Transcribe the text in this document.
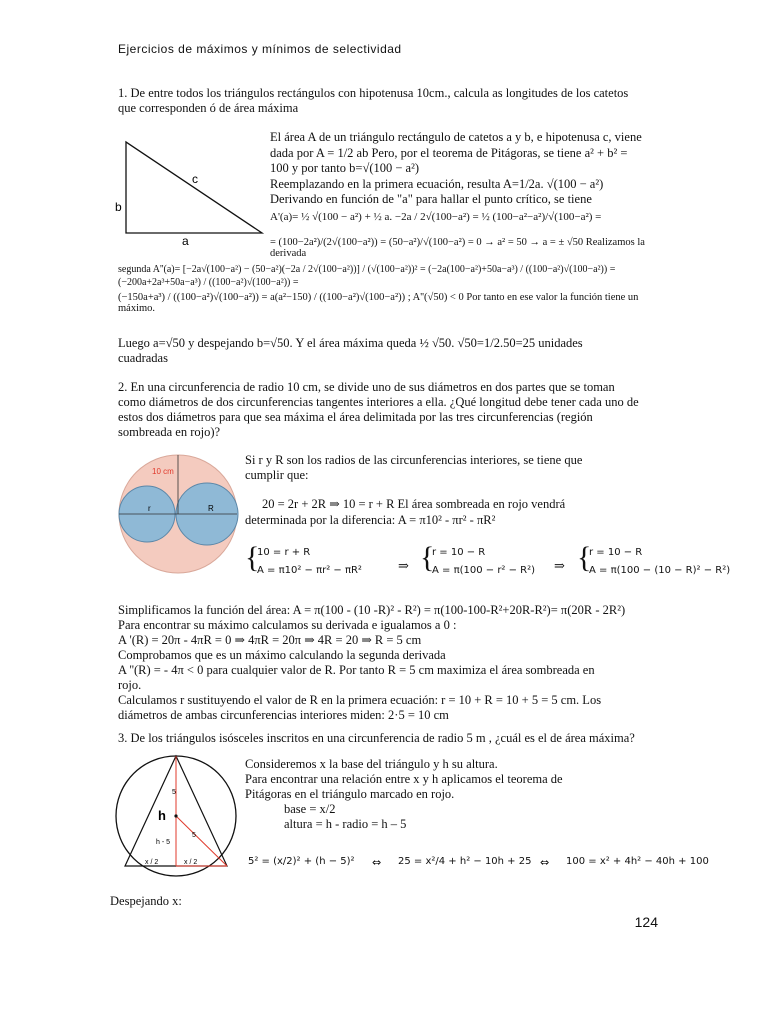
Ejercicios de máximos y mínimos de selectividad
1. De entre todos los triángulos rectángulos con hipotenusa 10cm., calcula as longitudes de los catetos
que corresponden ó de área máxima
c
b
a
El área A de un triángulo rectángulo de catetos a y b, e hipotenusa c, viene
dada por A = 1/2 ab Pero, por el teorema de Pitágoras, se tiene a² + b² =
100 y por tanto b=√(100 − a²)
Reemplazando en la primera ecuación, resulta A=1/2a. √(100 − a²)
Derivando en función de "a" para hallar el punto crítico, se tiene
A'(a)= ½ √(100 − a²) + ½ a. −2a / 2√(100−a²) = ½ (100−a²−a²)/√(100−a²) =
= (100−2a²)/(2√(100−a²)) = (50−a²)/√(100−a²) = 0 → a² = 50 → a = ± √50 Realizamos la derivada
segunda A''(a)= [−2a√(100−a²) − (50−a²)(−2a / 2√(100−a²))] / (√(100−a²))² = (−2a(100−a²)+50a−a³) / ((100−a²)√(100−a²)) = (−200a+2a³+50a−a³) / ((100−a²)√(100−a²)) =
(−150a+a³) / ((100−a²)√(100−a²)) = a(a²−150) / ((100−a²)√(100−a²)) ; A''(√50) < 0 Por tanto en ese valor la función tiene un máximo.
Luego a=√50 y despejando b=√50. Y el área máxima queda ½ √50. √50=1/2.50=25 unidades
cuadradas
2. En una circunferencia de radio 10 cm, se divide uno de sus diámetros en dos partes que se toman
como diámetros de dos circunferencias tangentes interiores a ella. ¿Qué longitud debe tener cada uno de
estos dos diámetros para que sea máxima el área delimitada por las tres circunferencias (región
sombreada en rojo)?
10 cm
r	R
Si r y R son los radios de las circunferencias interiores, se tiene que
cumplir que:
20 = 2r + 2R ⇒ 10 = r + R El área sombreada en rojo vendrá
determinada por la diferencia: A = π10² - πr² - πR²
{
10 = r + R
A = π10² − πr² − πR²	⇒ {
r = 10 − R
A = π(100 − r² − R²) ⇒ {
r = 10 − R
A = π(100 − (10 − R)² − R²)
Simplificamos la función del área: A = π(100 - (10 -R)² - R²) = π(100-100-R²+20R-R²)= π(20R - 2R²)
Para encontrar su máximo calculamos su derivada e igualamos a 0 :
A '(R) = 20π - 4πR = 0 ⇒ 4πR = 20π ⇒ 4R = 20 ⇒ R = 5 cm
Comprobamos que es un máximo calculando la segunda derivada
A ''(R) = - 4π < 0 para cualquier valor de R. Por tanto R = 5 cm maximiza el área sombreada en
rojo.
Calculamos r sustituyendo el valor de R en la primera ecuación: r = 10 + R = 10 + 5 = 5 cm. Los
diámetros de ambas circunferencias interiores miden: 2·5 = 10 cm
3. De los triángulos isósceles inscritos en una circunferencia de radio 5 m , ¿cuál es el de área máxima?
5
h
h - 5
5
x / 2	x / 2
Consideremos x la base del triángulo y h su altura.
Para encontrar una relación entre x y h aplicamos el teorema de
Pitágoras en el triángulo marcado en rojo.
base = x/2
altura = h - radio = h – 5
5² = (x/2)² + (h − 5)² ⇔ 25 = x²/4 + h² − 10h + 25 ⇔ 100 = x² + 4h² − 40h + 100
Despejando x:
124
